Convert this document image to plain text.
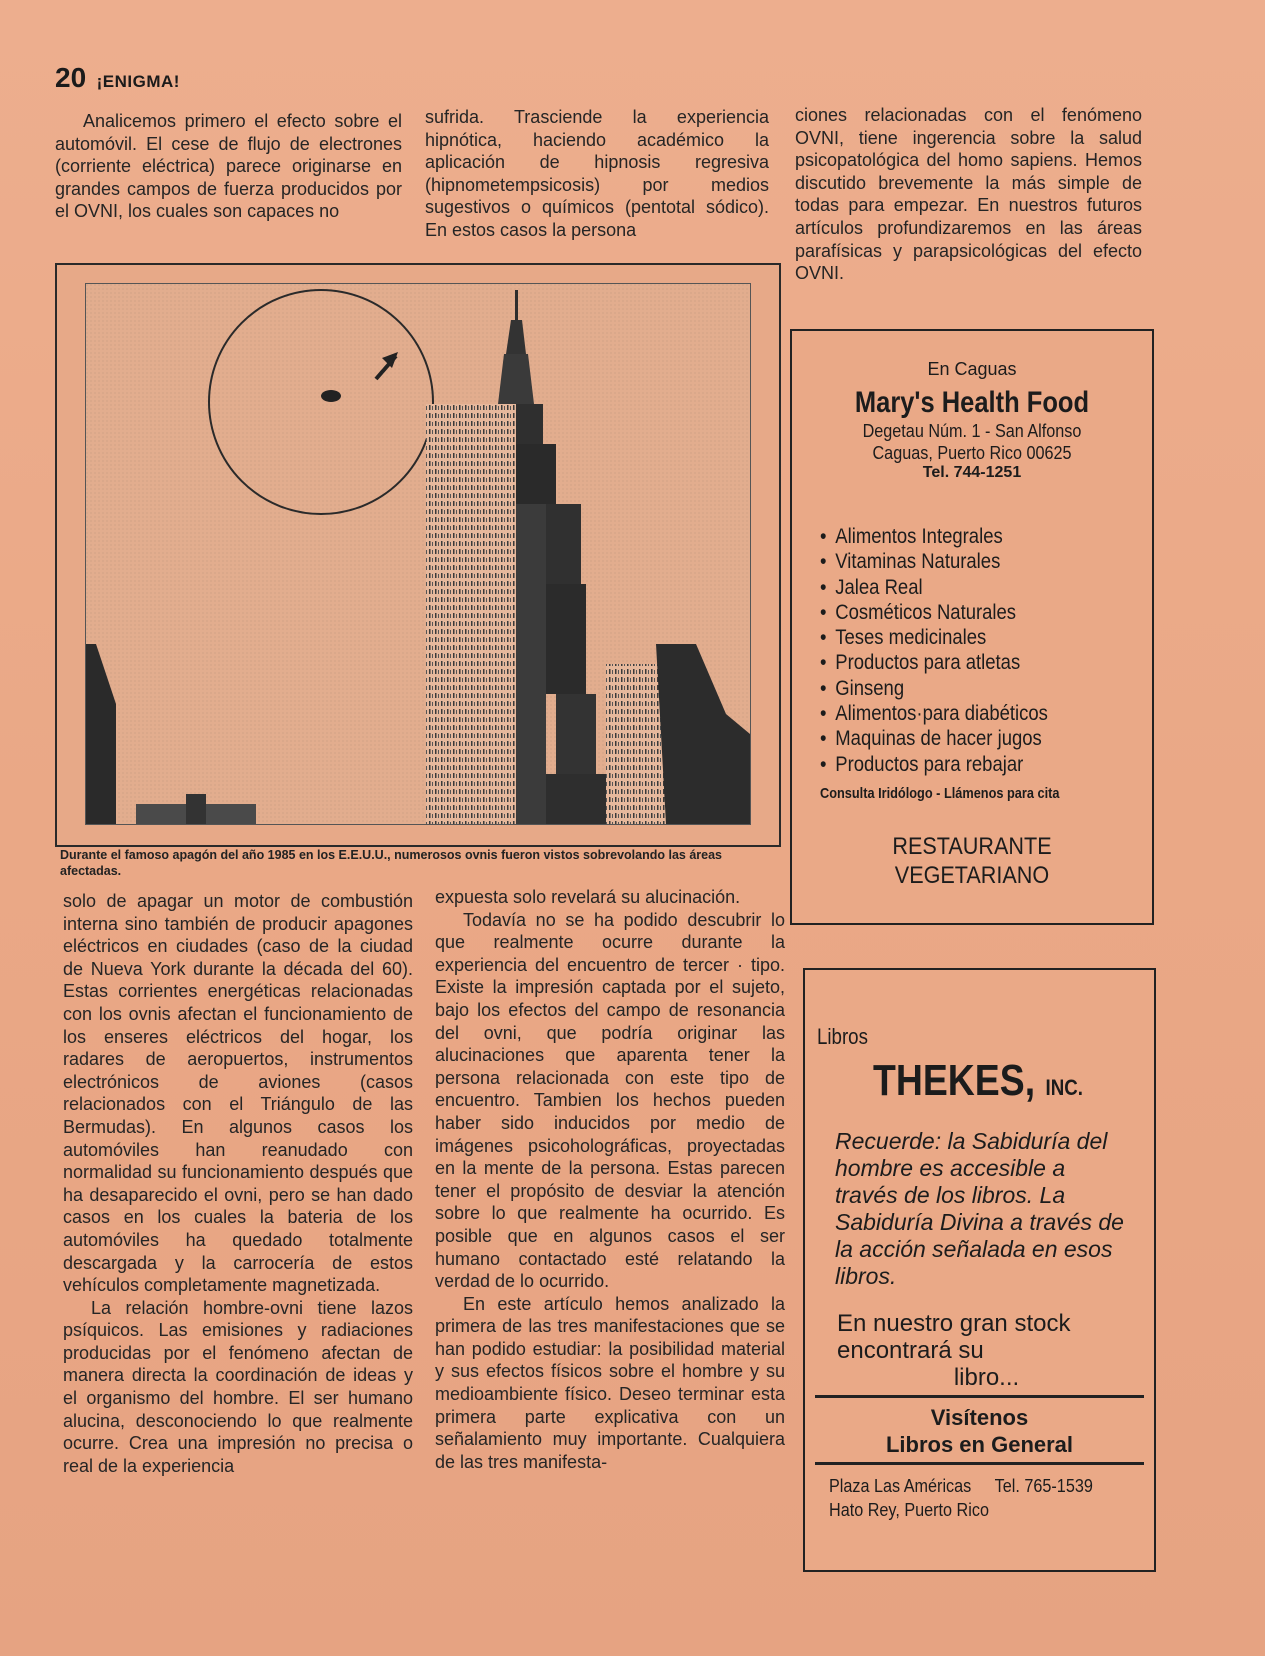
20 ¡ENIGMA!

Analicemos primero el efecto sobre el automóvil. El cese de flujo de electrones (corriente eléctrica) parece originarse en grandes campos de fuerza producidos por el OVNI, los cuales son capaces no

sufrida. Trasciende la experiencia hipnótica, haciendo académico la aplicación de hipnosis regresiva (hipnometempsicosis) por medios sugestivos o químicos (pentotal sódico). En estos casos la persona

ciones relacionadas con el fenómeno OVNI, tiene ingerencia sobre la salud psicopatológica del homo sapiens. Hemos discutido brevemente la más simple de todas para empezar. En nuestros futuros artículos profundizaremos en las áreas parafísicas y parapsicológicas del efecto OVNI.

Durante el famoso apagón del año 1985 en los E.E.U.U., numerosos ovnis fueron vistos sobrevolando las áreas afectadas.

solo de apagar un motor de combustión interna sino también de producir apagones eléctricos en ciudades (caso de la ciudad de Nueva York durante la década del 60). Estas corrientes energéticas relacionadas con los ovnis afectan el funcionamiento de los enseres eléctricos del hogar, los radares de aeropuertos, instrumentos electrónicos de aviones (casos relacionados con el Triángulo de las Bermudas). En algunos casos los automóviles han reanudado con normalidad su funcionamiento después que ha desaparecido el ovni, pero se han dado casos en los cuales la bateria de los automóviles ha quedado totalmente descargada y la carrocería de estos vehículos completamente magnetizada.

La relación hombre-ovni tiene lazos psíquicos. Las emisiones y radiaciones producidas por el fenómeno afectan de manera directa la coordinación de ideas y el organismo del hombre. El ser humano alucina, desconociendo lo que realmente ocurre. Crea una impresión no precisa o real de la experiencia

expuesta solo revelará su alucinación.

Todavía no se ha podido descubrir lo que realmente ocurre durante la experiencia del encuentro de tercer · tipo. Existe la impresión captada por el sujeto, bajo los efectos del campo de resonancia del ovni, que podría originar las alucinaciones que aparenta tener la persona relacionada con este tipo de encuentro. Tambien los hechos pueden haber sido inducidos por medio de imágenes psicoholográficas, proyectadas en la mente de la persona. Estas parecen tener el propósito de desviar la atención sobre lo que realmente ha ocurrido. Es posible que en algunos casos el ser humano contactado esté relatando la verdad de lo ocurrido.

En este artículo hemos analizado la primera de las tres manifestaciones que se han podido estudiar: la posibilidad material y sus efectos físicos sobre el hombre y su medioambiente físico. Deseo terminar esta primera parte explicativa con un señalamiento muy importante. Cualquiera de las tres manifesta-

En Caguas
Mary's Health Food
Degetau Núm. 1 - San Alfonso
Caguas, Puerto Rico 00625
Tel. 744-1251
• Alimentos Integrales
• Vitaminas Naturales
• Jalea Real
• Cosméticos Naturales
• Teses medicinales
• Productos para atletas
• Ginseng
• Alimentos·para diabéticos
• Maquinas de hacer jugos
• Productos para rebajar
Consulta Iridólogo - Llámenos para cita
RESTAURANTE
VEGETARIANO
Libros
THEKES, INC.
Recuerde: la Sabiduría del hombre es accesible a través de los libros. La Sabiduría Divina a través de la acción señalada en esos libros.
En nuestro gran stock encontrará su
libro...
Visítenos
Libros en General
Plaza Las Américas Tel. 765-1539
Hato Rey, Puerto Rico
